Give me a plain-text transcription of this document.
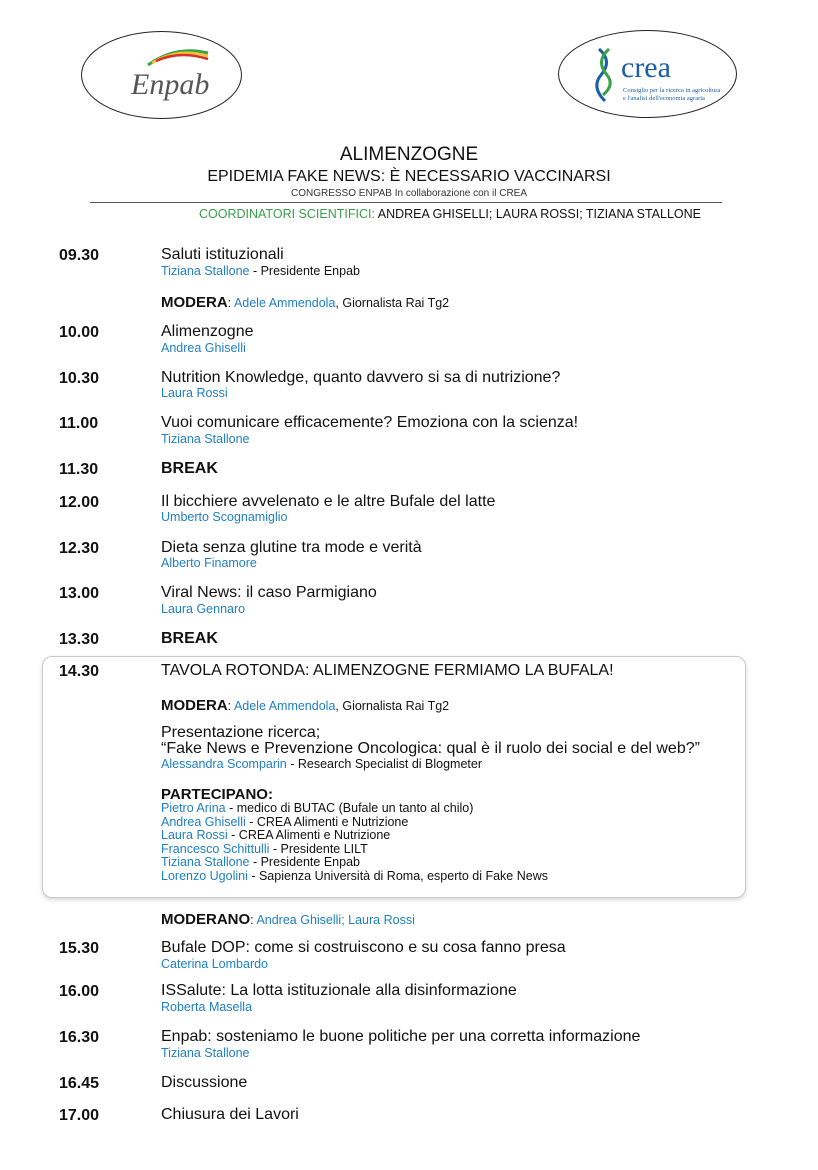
Enpab
crea
Consiglio per la ricerca in agricoltura
e l'analisi dell'economia agraria
ALIMENZOGNE
EPIDEMIA FAKE NEWS: È NECESSARIO VACCINARSI
CONGRESSO ENPAB In collaborazione con il CREA
COORDINATORI SCIENTIFICI: ANDREA GHISELLI; LAURA ROSSI; TIZIANA STALLONE
09.30	Saluti istituzionali
Tiziana Stallone - Presidente Enpab
MODERA: Adele Ammendola, Giornalista Rai Tg2
10.00	Alimenzogne
Andrea Ghiselli
10.30	Nutrition Knowledge, quanto davvero si sa di nutrizione?
Laura Rossi
11.00	Vuoi comunicare efficacemente? Emoziona con la scienza!
Tiziana Stallone
11.30	BREAK
12.00	Il bicchiere avvelenato e le altre Bufale del latte
Umberto Scognamiglio
12.30	Dieta senza glutine tra mode e verità
Alberto Finamore
13.00	Viral News: il caso Parmigiano
Laura Gennaro
13.30	BREAK
14.30	TAVOLA ROTONDA: ALIMENZOGNE FERMIAMO LA BUFALA!
MODERA: Adele Ammendola, Giornalista Rai Tg2
Presentazione ricerca;
“Fake News e Prevenzione Oncologica: qual è il ruolo dei social e del web?”
Alessandra Scomparin - Research Specialist di Blogmeter
PARTECIPANO:
Pietro Arina - medico di BUTAC (Bufale un tanto al chilo)
Andrea Ghiselli - CREA Alimenti e Nutrizione
Laura Rossi - CREA Alimenti e Nutrizione
Francesco Schittulli - Presidente LILT
Tiziana Stallone - Presidente Enpab
Lorenzo Ugolini - Sapienza Università di Roma, esperto di Fake News
MODERANO: Andrea Ghiselli; Laura Rossi
15.30	Bufale DOP: come si costruiscono e su cosa fanno presa
Caterina Lombardo
16.00	ISSalute: La lotta istituzionale alla disinformazione
Roberta Masella
16.30	Enpab: sosteniamo le buone politiche per una corretta informazione
Tiziana Stallone
16.45	Discussione
17.00	Chiusura dei Lavori
